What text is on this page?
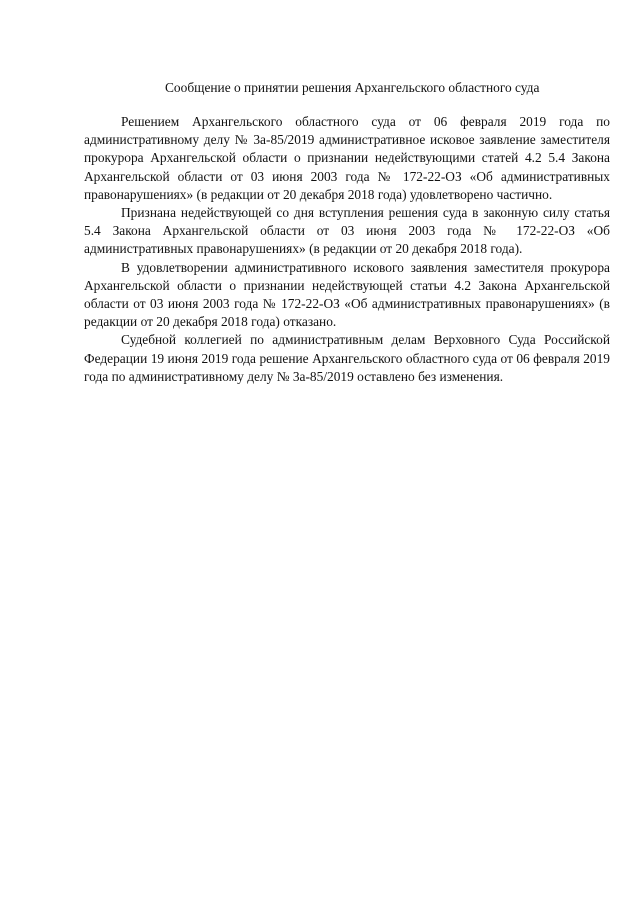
Сообщение о принятии решения Архангельского областного суда

Решением Архангельского областного суда от 06 февраля 2019 года по административному делу № 3а-85/2019 административное исковое заявление заместителя прокурора Архангельской области о признании недействующими статей 4.2 5.4 Закона Архангельской области от 03 июня 2003 года № 172-22-ОЗ «Об административных правонарушениях» (в редакции от 20 декабря 2018 года) удовлетворено частично.

Признана недействующей со дня вступления решения суда в законную силу статья 5.4 Закона Архангельской области от 03 июня 2003 года № 172-22-ОЗ «Об административных правонарушениях» (в редакции от 20 декабря 2018 года).

В удовлетворении административного искового заявления заместителя прокурора Архангельской области о признании недействующей статьи 4.2 Закона Архангельской области от 03 июня 2003 года № 172-22-ОЗ «Об административных правонарушениях» (в редакции от 20 декабря 2018 года) отказано.

Судебной коллегией по административным делам Верховного Суда Российской Федерации 19 июня 2019 года решение Архангельского областного суда от 06 февраля 2019 года по административному делу № 3а-85/2019 оставлено без изменения.
